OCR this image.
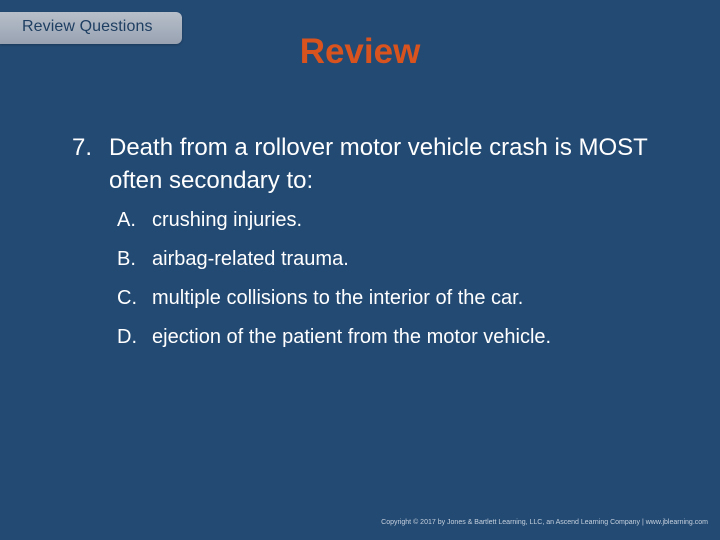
Review Questions
Review
7. Death from a rollover motor vehicle crash is MOST often secondary to:
A. crushing injuries.
B. airbag-related trauma.
C. multiple collisions to the interior of the car.
D. ejection of the patient from the motor vehicle.
Copyright © 2017 by Jones & Bartlett Learning, LLC, an Ascend Learning Company | www.jblearning.com
